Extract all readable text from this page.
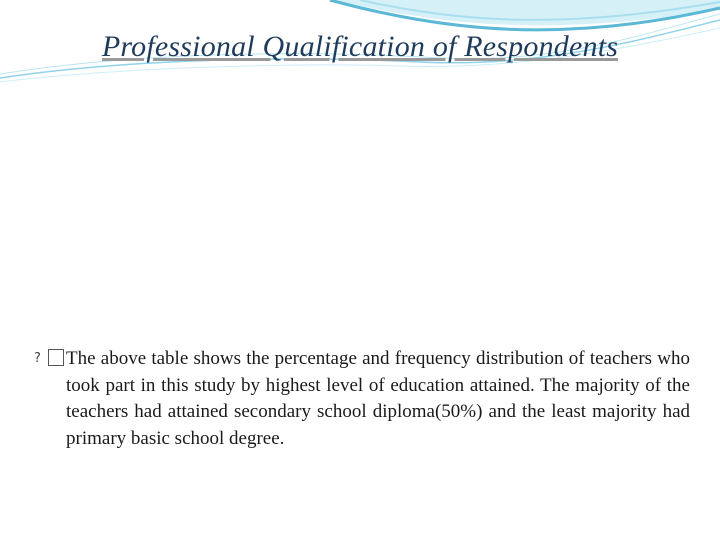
Professional Qualification of Respondents
?The above table shows the percentage and frequency distribution of teachers who took part in this study by highest level of education attained. The majority of the teachers had attained secondary school diploma(50%) and the least majority had primary basic school degree.
